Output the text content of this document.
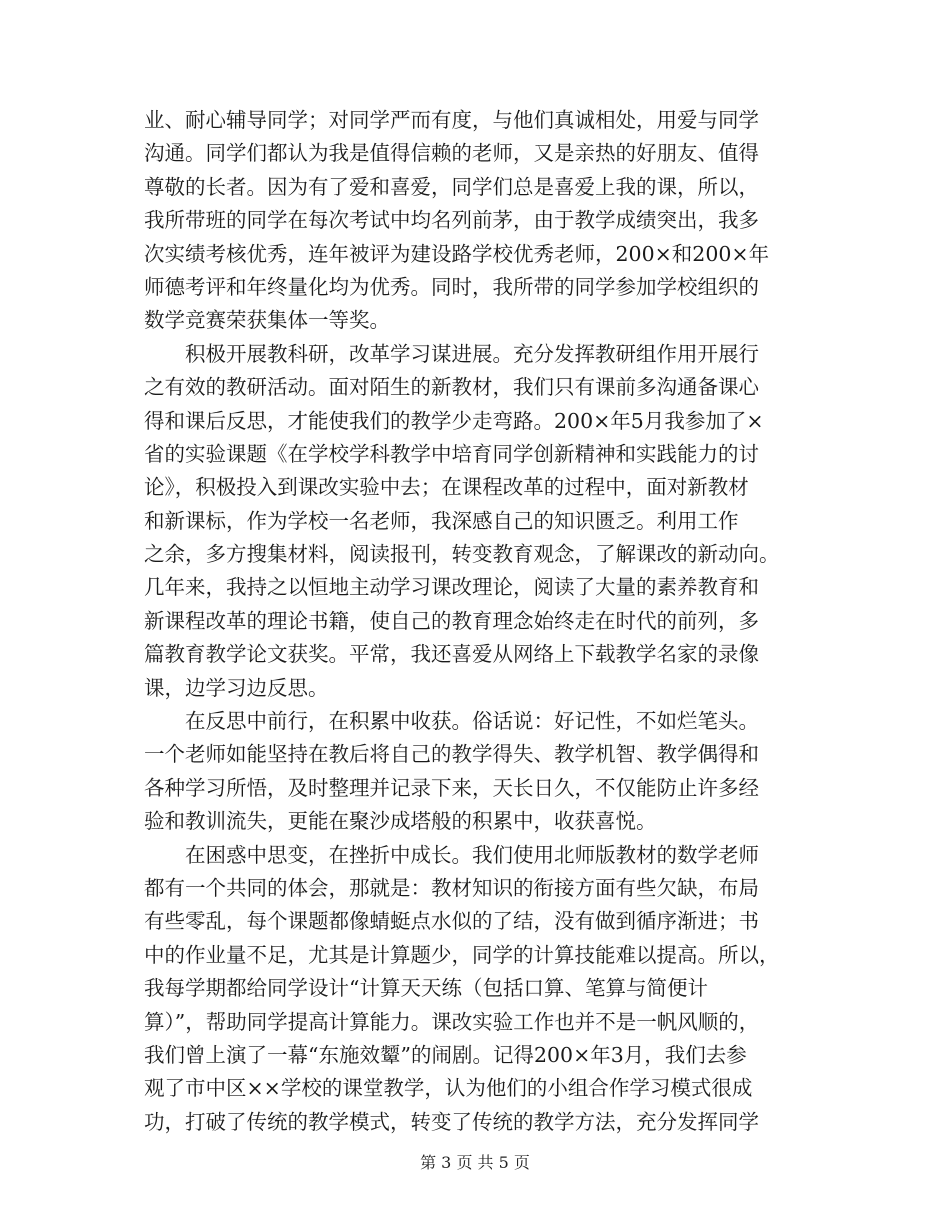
业、耐心辅导同学；对同学严而有度，与他们真诚相处，用爱与同学
沟通。同学们都认为我是值得信赖的老师，又是亲热的好朋友、值得
尊敬的长者。因为有了爱和喜爱，同学们总是喜爱上我的课，所以，
我所带班的同学在每次考试中均名列前茅，由于教学成绩突出，我多
次实绩考核优秀，连年被评为建设路学校优秀老师，200×和200×年
师德考评和年终量化均为优秀。同时，我所带的同学参加学校组织的
数学竞赛荣获集体一等奖。
　　积极开展教科研，改革学习谋进展。充分发挥教研组作用开展行
之有效的教研活动。面对陌生的新教材，我们只有课前多沟通备课心
得和课后反思，才能使我们的教学少走弯路。200×年5月我参加了×
省的实验课题《在学校学科教学中培育同学创新精神和实践能力的讨
论》，积极投入到课改实验中去；在课程改革的过程中，面对新教材
和新课标，作为学校一名老师，我深感自己的知识匮乏。利用工作
之余，多方搜集材料，阅读报刊，转变教育观念，了解课改的新动向。
几年来，我持之以恒地主动学习课改理论，阅读了大量的素养教育和
新课程改革的理论书籍，使自己的教育理念始终走在时代的前列，多
篇教育教学论文获奖。平常，我还喜爱从网络上下载教学名家的录像
课，边学习边反思。
　　在反思中前行，在积累中收获。俗话说：好记性，不如烂笔头。
一个老师如能坚持在教后将自己的教学得失、教学机智、教学偶得和
各种学习所悟，及时整理并记录下来，天长日久，不仅能防止许多经
验和教训流失，更能在聚沙成塔般的积累中，收获喜悦。
　　在困惑中思变，在挫折中成长。我们使用北师版教材的数学老师
都有一个共同的体会，那就是：教材知识的衔接方面有些欠缺，布局
有些零乱，每个课题都像蜻蜓点水似的了结，没有做到循序渐进；书
中的作业量不足，尤其是计算题少，同学的计算技能难以提高。所以，
我每学期都给同学设计“计算天天练（包括口算、笔算与简便计
算）”，帮助同学提高计算能力。课改实验工作也并不是一帆风顺的，
我们曾上演了一幕“东施效颦”的闹剧。记得200×年3月，我们去参
观了市中区××学校的课堂教学，认为他们的小组合作学习模式很成
功，打破了传统的教学模式，转变了传统的教学方法，充分发挥同学
第 3 页 共 5 页
